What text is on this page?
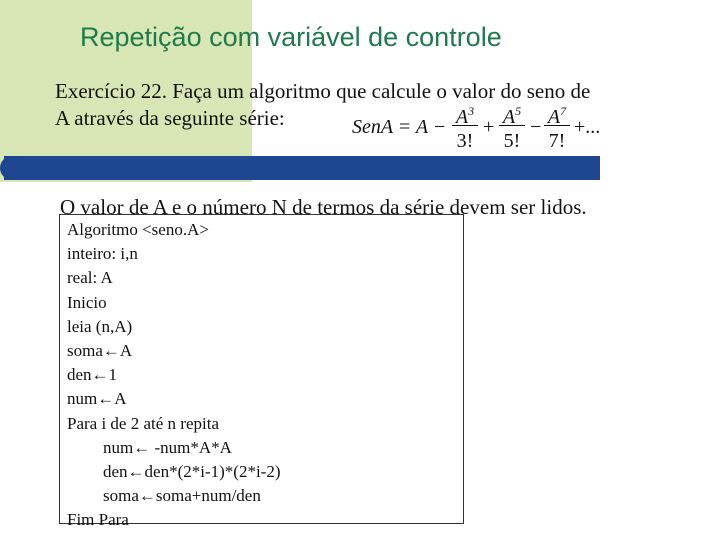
Repetição com variável de controle
Exercício 22. Faça um algoritmo que calcule o valor do seno de
A através da seguinte série:	SenA = $A - A^3$
3!
+ $A^5$
5!
− $A^7$
7!
+...
O valor de A e o número N de termos da série devem ser lidos.
Algoritmo <seno.A>
inteiro: i,n
real: A
Inicio
leia (n,A)
soma←A
den←1
num←A
Para i de 2 até n repita
num← -num*A*A
den←den*(2*i-1)*(2*i-2)
soma←soma+num/den
Fim Para
